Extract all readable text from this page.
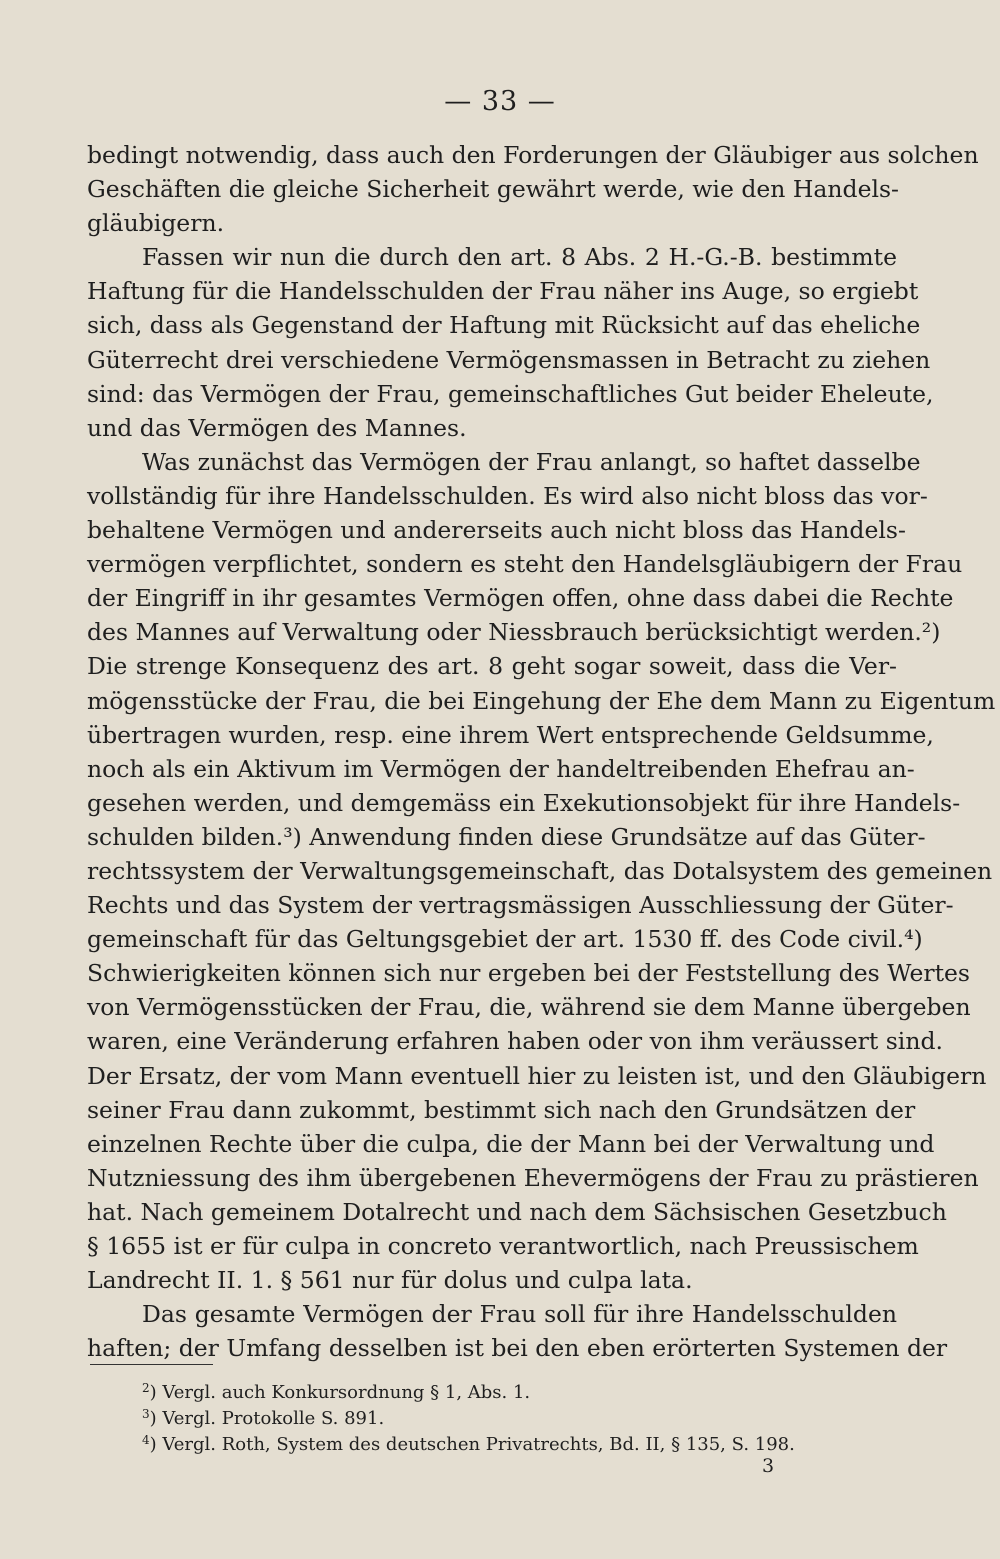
— 33 —
bedingt notwendig, dass auch den Forderungen der Gläubiger aus solchen
Geschäften die gleiche Sicherheit gewährt werde, wie den Handels-
gläubigern.
Fassen wir nun die durch den art. 8 Abs. 2 H.-G.-B. bestimmte
Haftung für die Handelsschulden der Frau näher ins Auge, so ergiebt
sich, dass als Gegenstand der Haftung mit Rücksicht auf das eheliche
Güterrecht drei verschiedene Vermögensmassen in Betracht zu ziehen
sind: das Vermögen der Frau, gemeinschaftliches Gut beider Eheleute,
und das Vermögen des Mannes.
Was zunächst das Vermögen der Frau anlangt, so haftet dasselbe
vollständig für ihre Handelsschulden. Es wird also nicht bloss das vor-
behaltene Vermögen und andererseits auch nicht bloss das Handels-
vermögen verpflichtet, sondern es steht den Handelsgläubigern der Frau
der Eingriff in ihr gesamtes Vermögen offen, ohne dass dabei die Rechte
des Mannes auf Verwaltung oder Niessbrauch berücksichtigt werden.²)
Die strenge Konsequenz des art. 8 geht sogar soweit, dass die Ver-
mögensstücke der Frau, die bei Eingehung der Ehe dem Mann zu Eigentum
übertragen wurden, resp. eine ihrem Wert entsprechende Geldsumme,
noch als ein Aktivum im Vermögen der handeltreibenden Ehefrau an-
gesehen werden, und demgemäss ein Exekutionsobjekt für ihre Handels-
schulden bilden.³) Anwendung finden diese Grundsätze auf das Güter-
rechtssystem der Verwaltungsgemeinschaft, das Dotalsystem des gemeinen
Rechts und das System der vertragsmässigen Ausschliessung der Güter-
gemeinschaft für das Geltungsgebiet der art. 1530 ff. des Code civil.⁴)
Schwierigkeiten können sich nur ergeben bei der Feststellung des Wertes
von Vermögensstücken der Frau, die, während sie dem Manne übergeben
waren, eine Veränderung erfahren haben oder von ihm veräussert sind.
Der Ersatz, der vom Mann eventuell hier zu leisten ist, und den Gläubigern
seiner Frau dann zukommt, bestimmt sich nach den Grundsätzen der
einzelnen Rechte über die culpa, die der Mann bei der Verwaltung und
Nutzniessung des ihm übergebenen Ehevermögens der Frau zu prästieren
hat. Nach gemeinem Dotalrecht und nach dem Sächsischen Gesetzbuch
§ 1655 ist er für culpa in concreto verantwortlich, nach Preussischem
Landrecht II. 1. § 561 nur für dolus und culpa lata.
Das gesamte Vermögen der Frau soll für ihre Handelsschulden
haften; der Umfang desselben ist bei den eben erörterten Systemen der
$^2$) Vergl. auch Konkursordnung § 1, Abs. 1.
$^3$) Vergl. Protokolle S. 891.
$^4$) Vergl. Roth, System des deutschen Privatrechts, Bd. II, § 135, S. 198.
3
